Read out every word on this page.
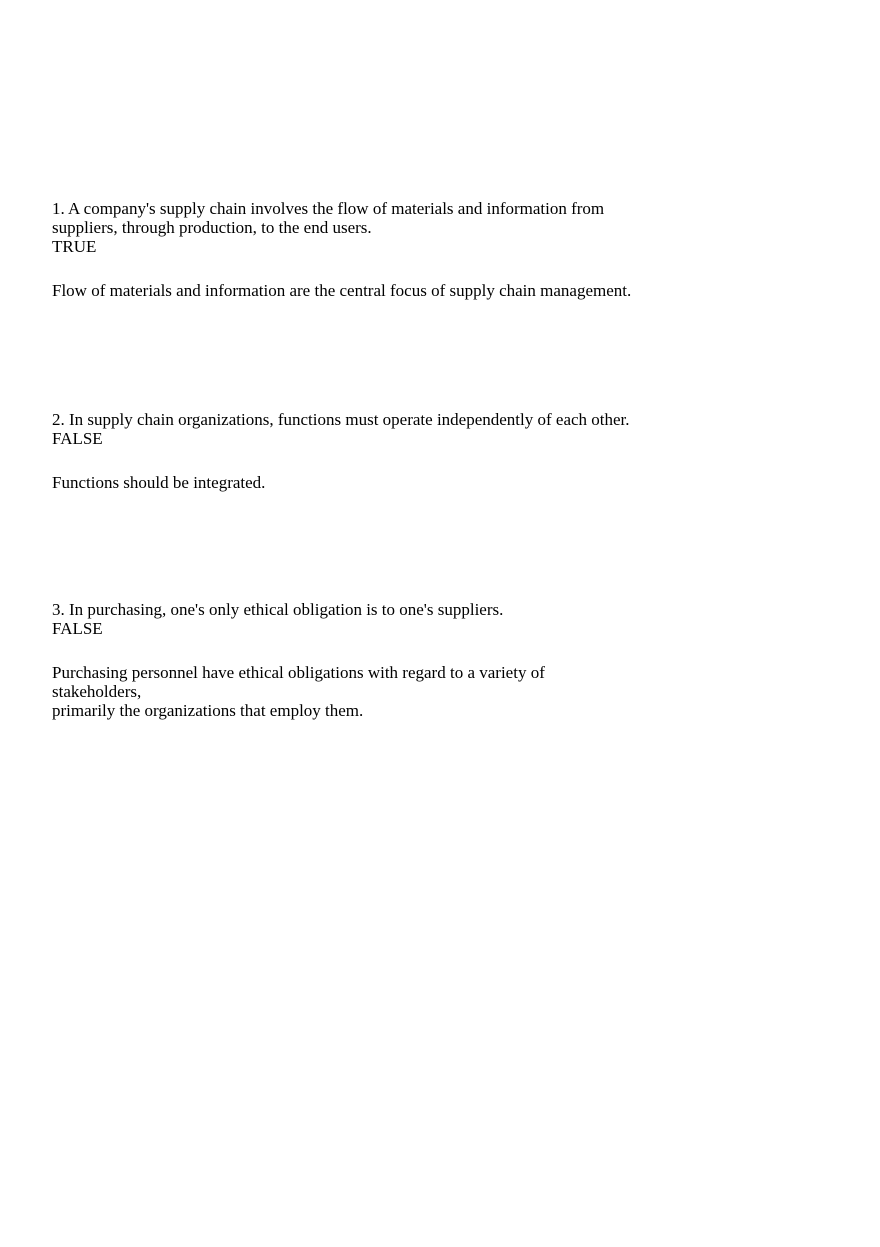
1. A company's supply chain involves the flow of materials and information from
suppliers, through production, to the end users.
TRUE
Flow of materials and information are the central focus of supply chain management.
2. In supply chain organizations, functions must operate independently of each other.
FALSE
Functions should be integrated.
3. In purchasing, one's only ethical obligation is to one's suppliers.
FALSE
Purchasing personnel have ethical obligations with regard to a variety of
stakeholders,
primarily the organizations that employ them.
